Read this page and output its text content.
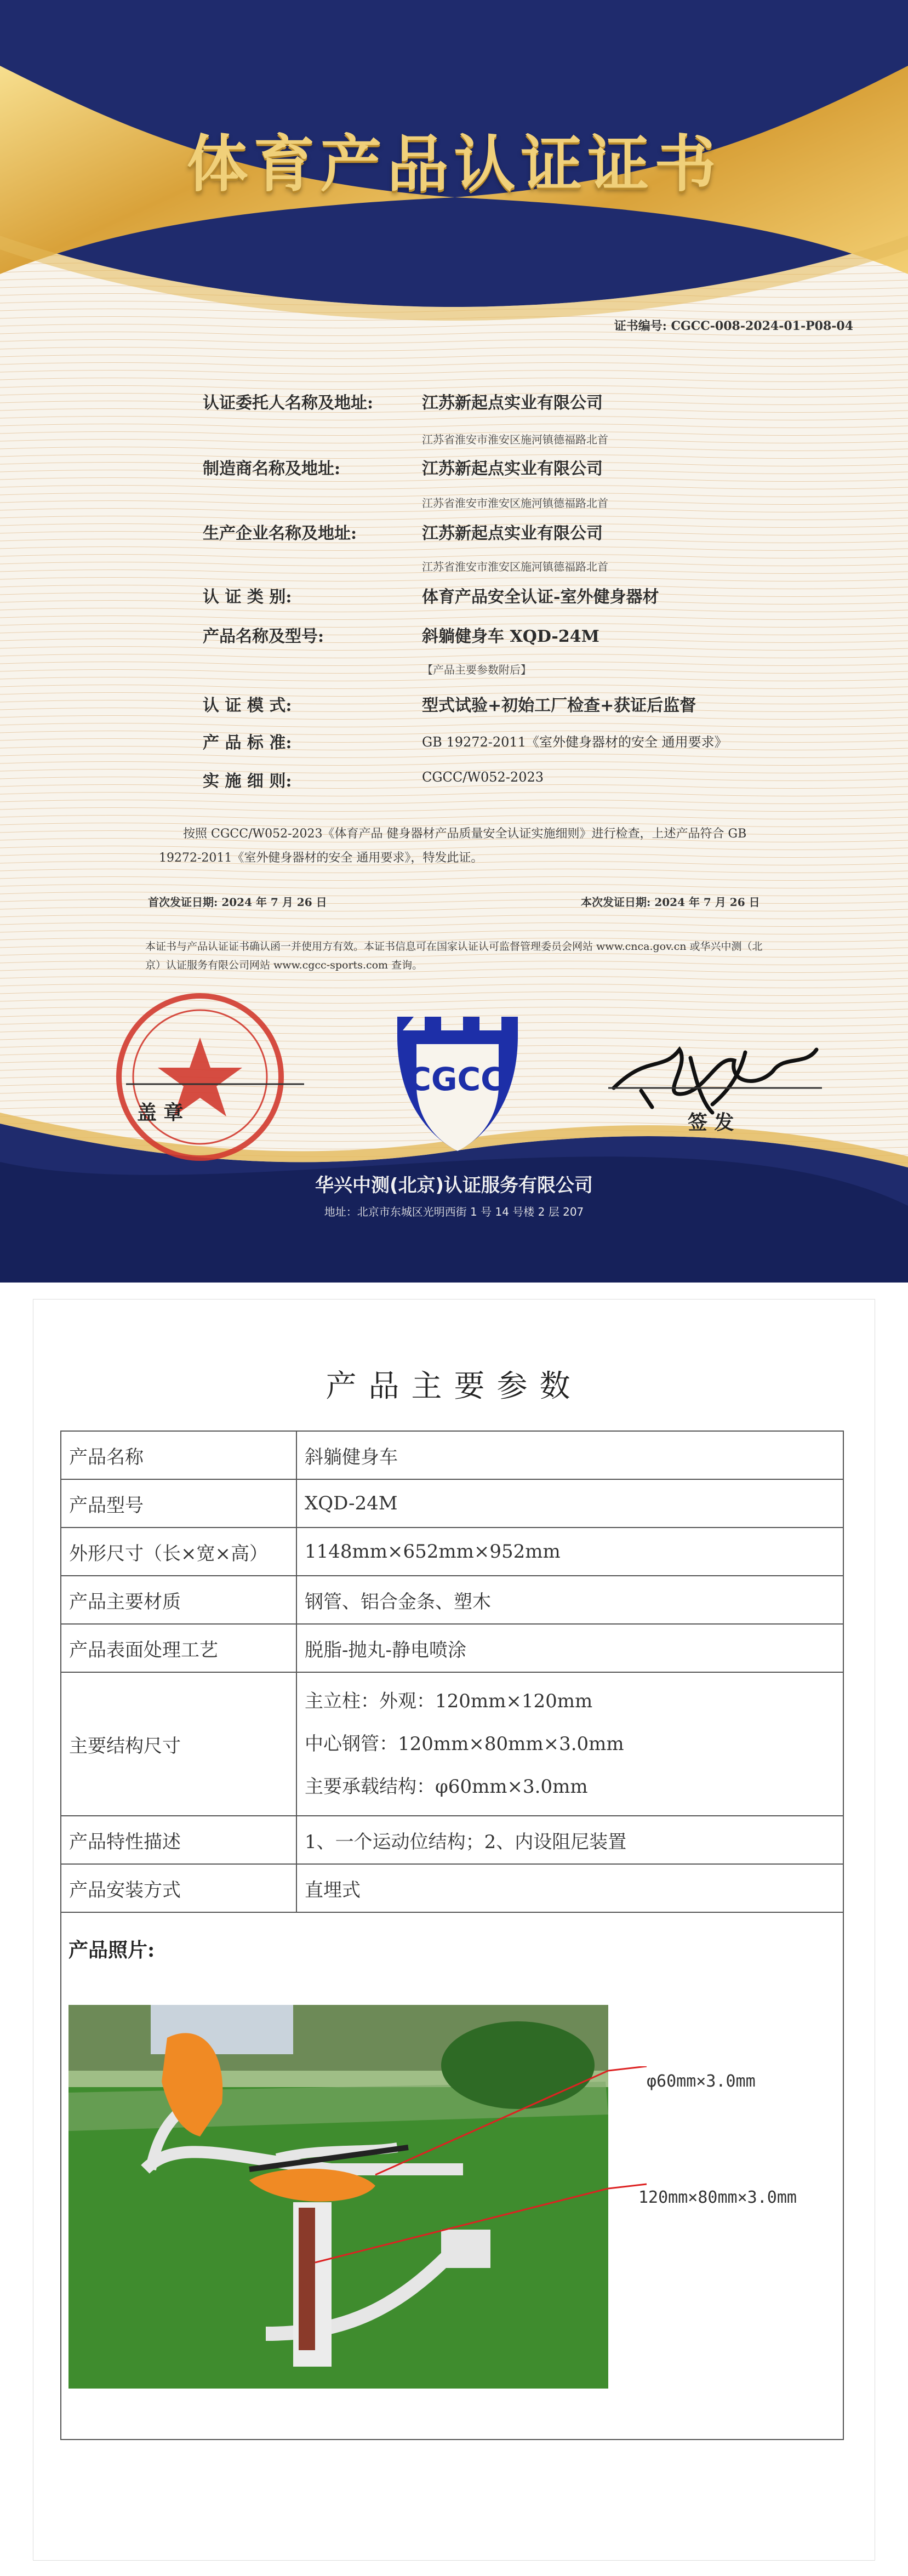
体育产品认证证书
证书编号: CGCC-008-2024-01-P08-04
认证委托人名称及地址:	江苏新起点实业有限公司
江苏省淮安市淮安区施河镇德福路北首
制造商名称及地址:	江苏新起点实业有限公司
江苏省淮安市淮安区施河镇德福路北首
生产企业名称及地址:	江苏新起点实业有限公司
江苏省淮安市淮安区施河镇德福路北首
认 证 类 别:	体育产品安全认证-室外健身器材
产品名称及型号:	斜躺健身车 XQD-24M
【产品主要参数附后】
认 证 模 式:	型式试验+初始工厂检查+获证后监督
产 品 标 准:	GB 19272-2011《室外健身器材的安全 通用要求》
实 施 细 则:	CGCC/W052-2023
按照 CGCC/W052-2023《体育产品 健身器材产品质量安全认证实施细则》进行检查，上述产品符合 GB 19272-2011《室外健身器材的安全 通用要求》，特发此证。
首次发证日期: 2024 年 7 月 26 日	本次发证日期: 2024 年 7 月 26 日
本证书与产品认证证书确认函一并使用方有效。本证书信息可在国家认证认可监督管理委员会网站 www.cnca.gov.cn 或华兴中测（北京）认证服务有限公司网站 www.cgcc-sports.com 查询。
盖 章
CGCC
签 发
华兴中测(北京)认证服务有限公司
地址：北京市东城区光明西街 1 号 14 号楼 2 层 207
产品主要参数
产品名称	斜躺健身车
产品型号	XQD-24M
外形尺寸（长×宽×高）	1148mm×652mm×952mm
产品主要材质	钢管、铝合金条、塑木
产品表面处理工艺	脱脂-抛丸-静电喷涂
主要结构尺寸	主立柱：外观：120mm×120mm
中心钢管：120mm×80mm×3.0mm
主要承载结构：φ60mm×3.0mm

产品特性描述	1、一个运动位结构；2、内设阻尼装置
产品安装方式	直埋式

产品照片:
φ60mm×3.0mm
120mm×80mm×3.0mm
